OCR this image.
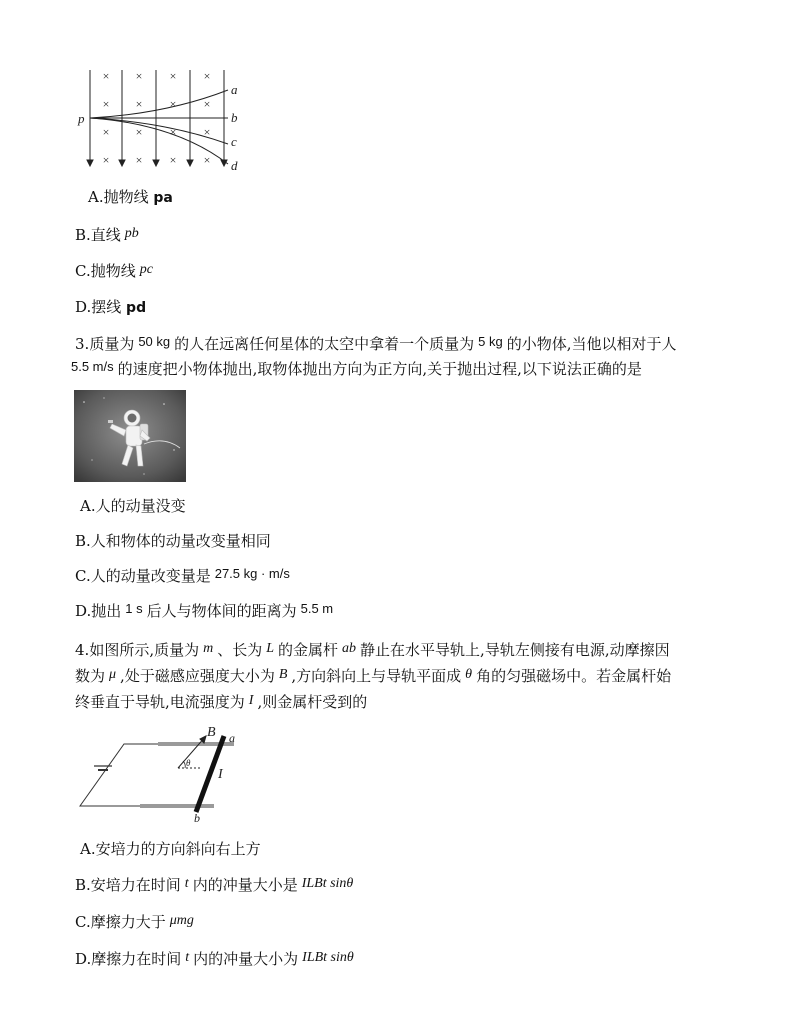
× × × ×
× × × ×
× × × ×
× × × ×
p
a
b
c
d
A.抛物线 pa
B.直线 pb
C.抛物线 pc
D.摆线 pd
3.质量为 50 kg 的人在远离任何星体的太空中拿着一个质量为 5 kg 的小物体,当他以相对于人
5.5 m/s 的速度把小物体抛出,取物体抛出方向为正方向,关于抛出过程,以下说法正确的是
A.人的动量没变
B.人和物体的动量改变量相同
C.人的动量改变量是 27.5 kg · m/s
D.抛出 1 s 后人与物体间的距离为 5.5 m
4.如图所示,质量为 m 、长为 L 的金属杆 ab 静止在水平导轨上,导轨左侧接有电源,动摩擦因
数为 μ ,处于磁感应强度大小为 B ,方向斜向上与导轨平面成 θ 角的匀强磁场中。若金属杆始
终垂直于导轨,电流强度为 I ,则金属杆受到的
B a
b
I
θ
A.安培力的方向斜向右上方
B.安培力在时间 t 内的冲量大小是 ILBt sinθ
C.摩擦力大于 μmg
D.摩擦力在时间 t 内的冲量大小为 ILBt sinθ
